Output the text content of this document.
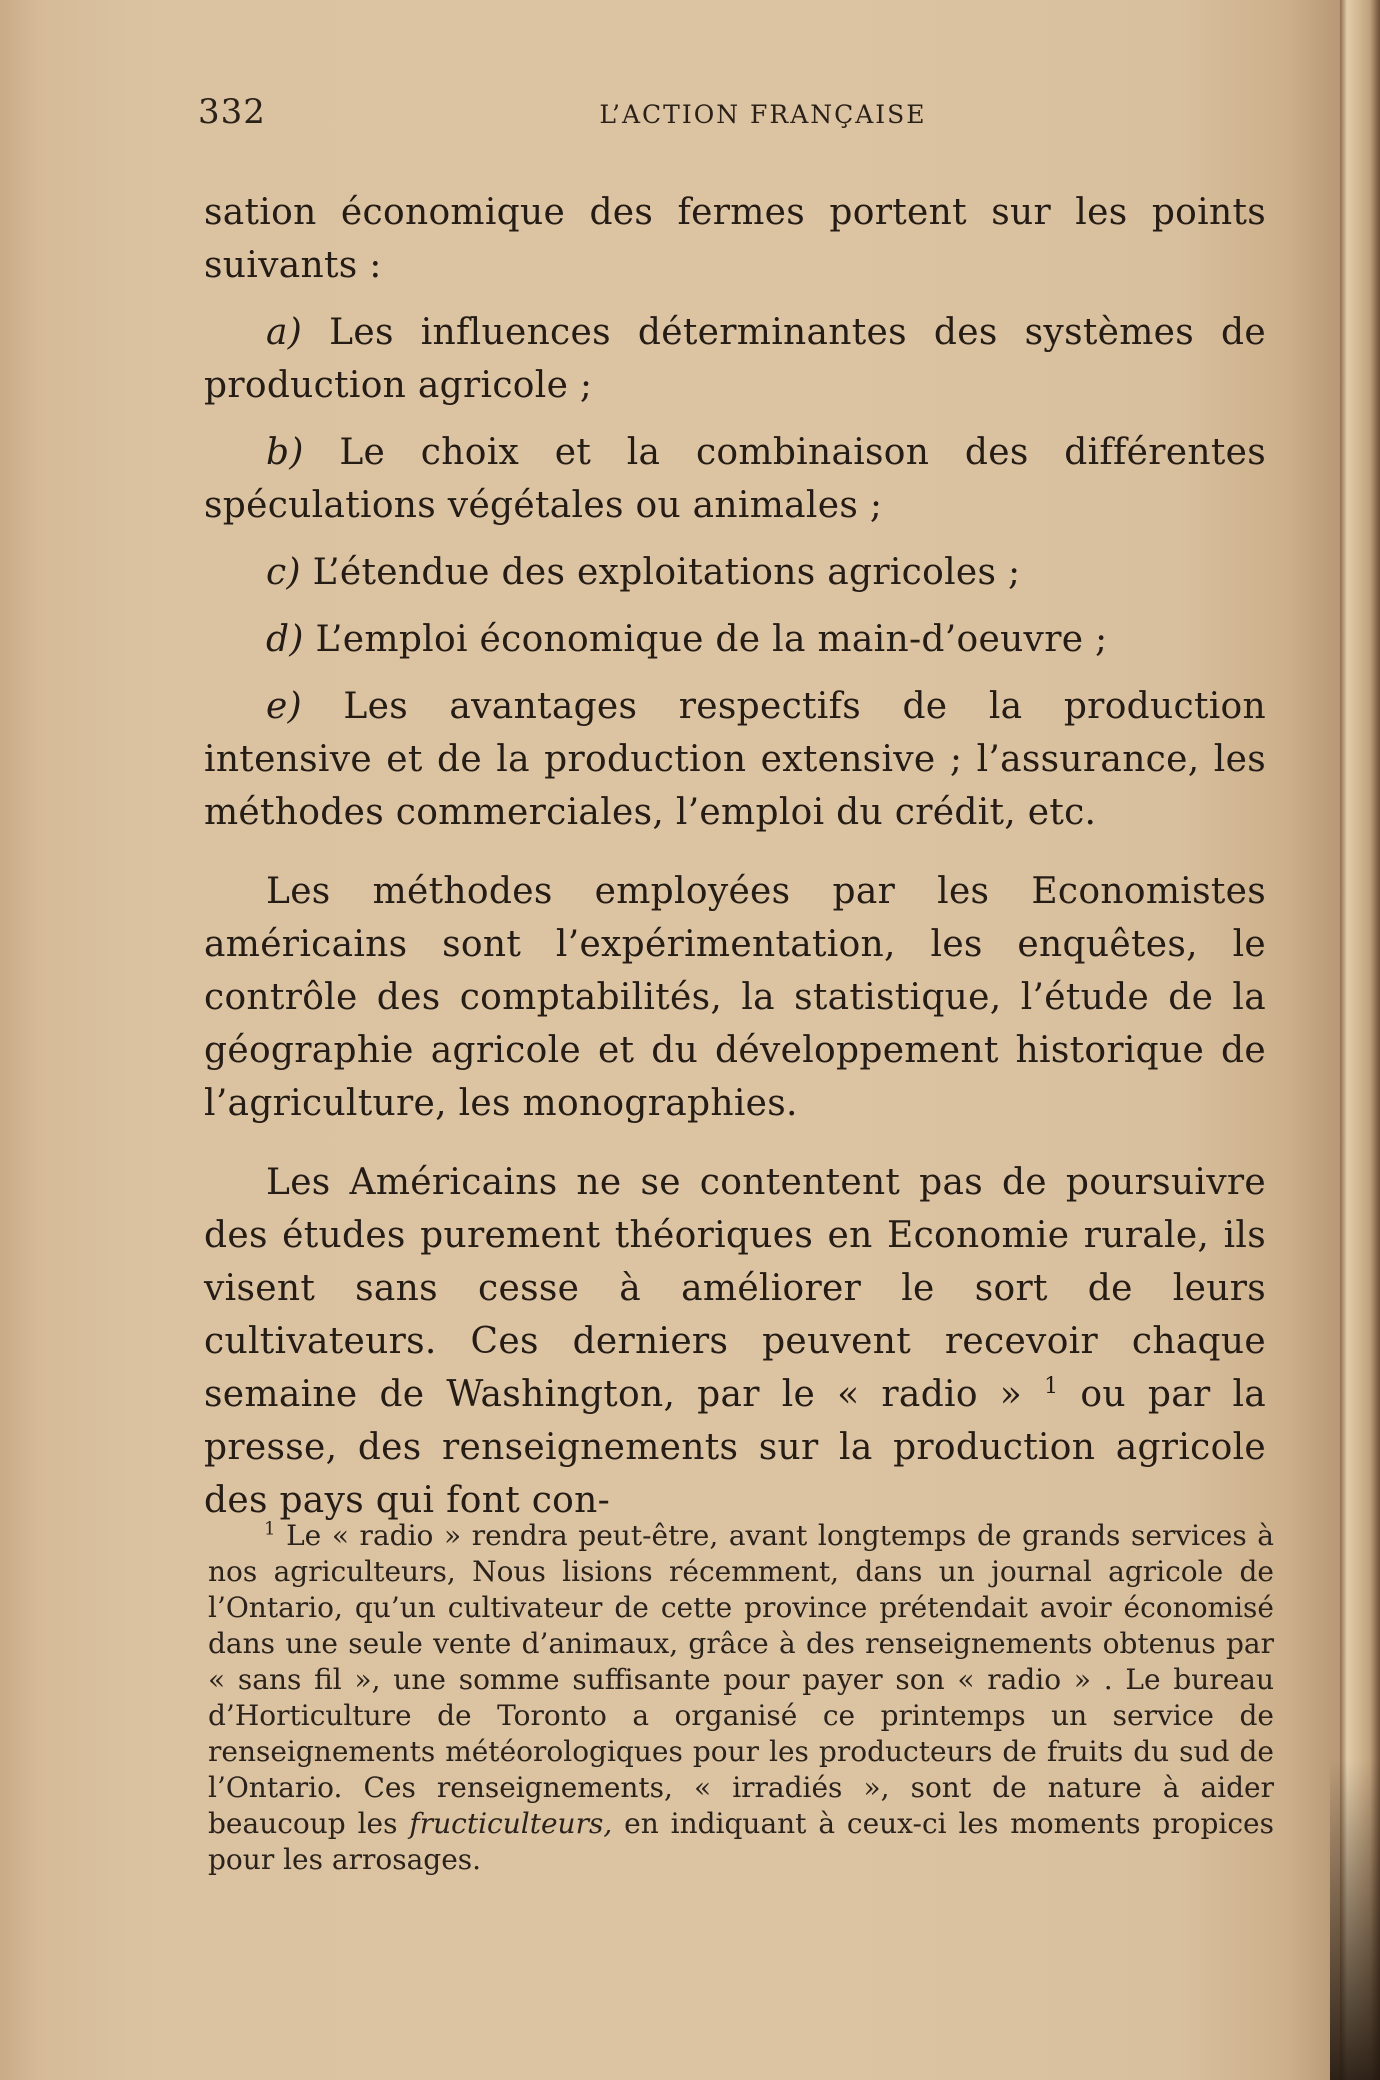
332	L’ACTION FRANÇAISE

sation économique des fermes portent sur les points suivants :

a) Les influences déterminantes des systèmes de production agricole ;

b) Le choix et la combinaison des différentes spéculations végétales ou animales ;

c) L’étendue des exploitations agricoles ;

d) L’emploi économique de la main-d’oeuvre ;

e) Les avantages respectifs de la production intensive et de la production extensive ; l’assurance, les méthodes commerciales, l’emploi du crédit, etc.

Les méthodes employées par les Economistes américains sont l’expérimentation, les enquêtes, le contrôle des comptabilités, la statistique, l’étude de la géographie agricole et du développement historique de l’agriculture, les monographies.

Les Américains ne se contentent pas de poursuivre des études purement théoriques en Economie rurale, ils visent sans cesse à améliorer le sort de leurs cultivateurs. Ces derniers peuvent recevoir chaque semaine de Washington, par le « radio » $^1$ ou par la presse, des renseignements sur la production agricole des pays qui font con-

$^1$ Le « radio » rendra peut-être, avant longtemps de grands services à nos agriculteurs, Nous lisions récemment, dans un journal agricole de l’Ontario, qu’un cultivateur de cette province prétendait avoir économisé dans une seule vente d’animaux, grâce à des renseignements obtenus par « sans fil », une somme suffisante pour payer son « radio » . Le bureau d’Horticulture de Toronto a organisé ce printemps un service de renseignements météorologiques pour les producteurs de fruits du sud de l’Ontario. Ces renseignements, « irradiés », sont de nature à aider beaucoup les fructiculteurs, en indiquant à ceux-ci les moments propices pour les arrosages.
